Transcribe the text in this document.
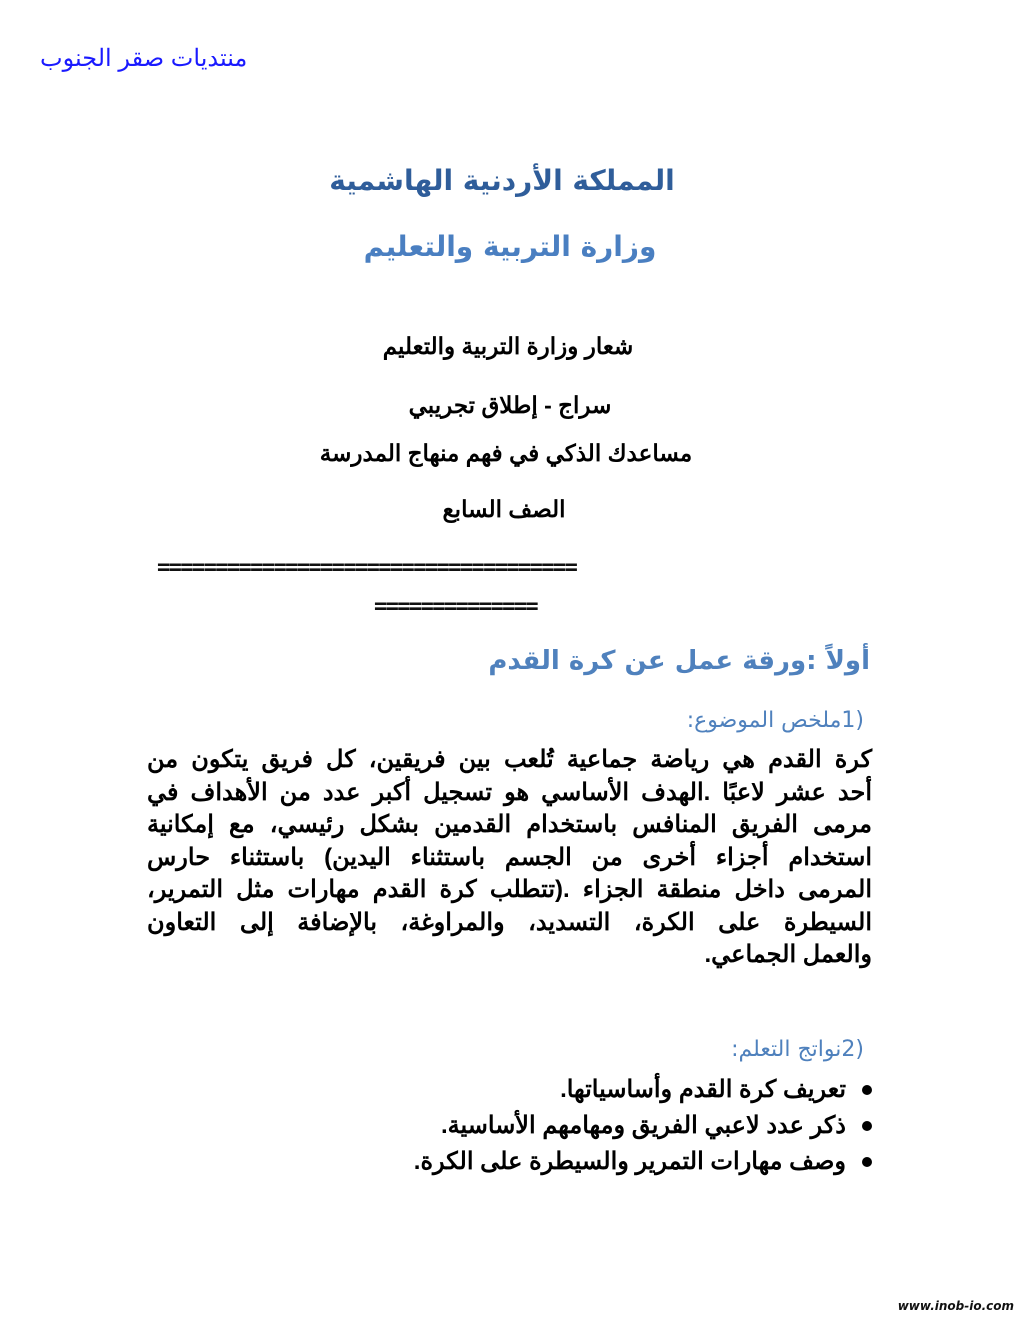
منتديات صقر الجنوب
المملكة الأردنية الهاشمية
وزارة التربية والتعليم
شعار وزارة التربية والتعليم
سراج - إطلاق تجريبي
مساعدك الذكي في فهم منهاج المدرسة
الصف السابع
====================================
==============
أولاً :ورقة عمل عن كرة القدم
(1ملخص الموضوع:
كرة القدم هي رياضة جماعية تُلعب بين فريقين، كل فريق يتكون من
أحد عشر لاعبًا .الهدف الأساسي هو تسجيل أكبر عدد من الأهداف في
مرمى الفريق المنافس باستخدام القدمين بشكل رئيسي، مع إمكانية
استخدام أجزاء أخرى من الجسم باستثناء اليدين) باستثناء حارس
المرمى داخل منطقة الجزاء .(تتطلب كرة القدم مهارات مثل التمرير،
السيطرة على الكرة، التسديد، والمراوغة، بالإضافة إلى التعاون
والعمل الجماعي.
(2نواتج التعلم:
تعريف كرة القدم وأساسياتها.
ذكر عدد لاعبي الفريق ومهامهم الأساسية.
وصف مهارات التمرير والسيطرة على الكرة.
www.inob-io.com
